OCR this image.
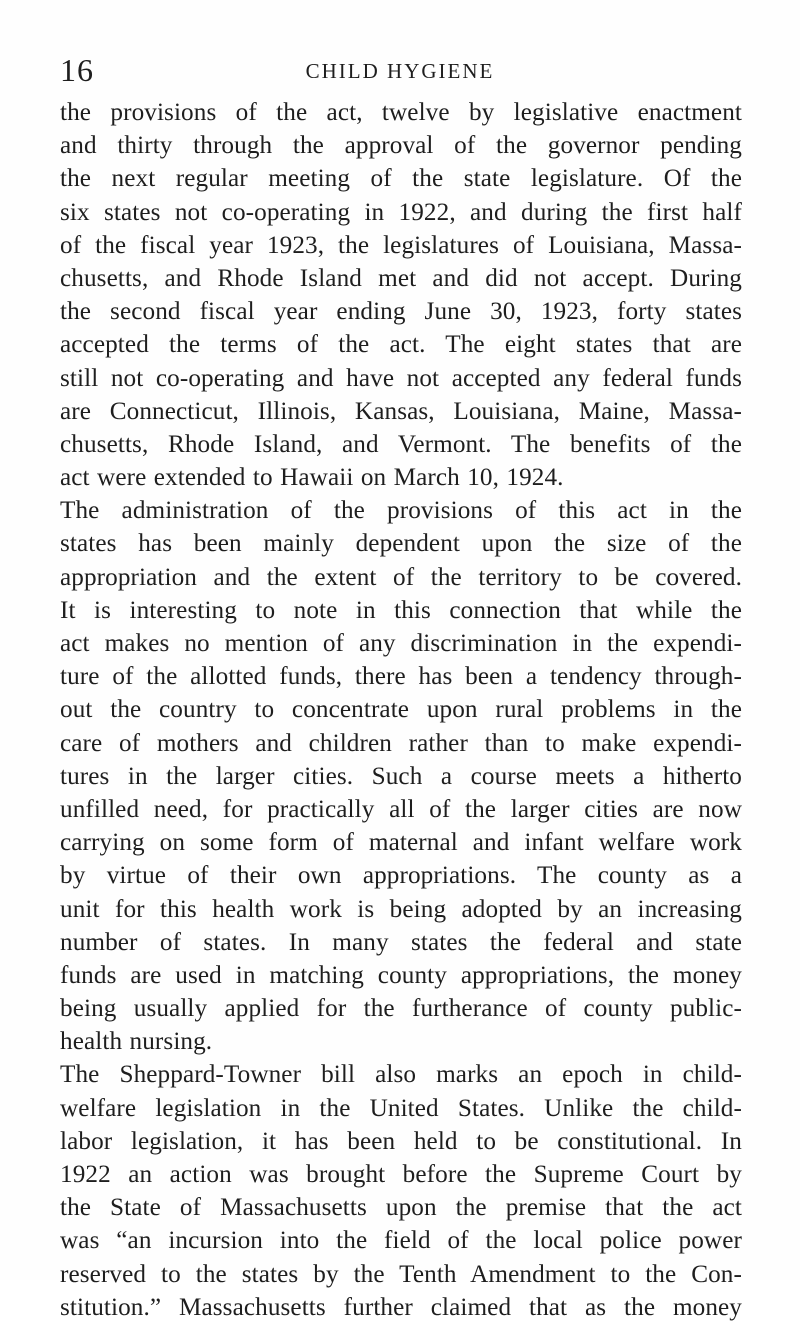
16	CHILD HYGIENE
the provisions of the act, twelve by legislative enactment
and thirty through the approval of the governor pending
the next regular meeting of the state legislature. Of the
six states not co-operating in 1922, and during the first half
of the fiscal year 1923, the legislatures of Louisiana, Massa-
chusetts, and Rhode Island met and did not accept. During
the second fiscal year ending June 30, 1923, forty states
accepted the terms of the act. The eight states that are
still not co-operating and have not accepted any federal funds
are Connecticut, Illinois, Kansas, Louisiana, Maine, Massa-
chusetts, Rhode Island, and Vermont. The benefits of the
act were extended to Hawaii on March 10, 1924.
The administration of the provisions of this act in the
states has been mainly dependent upon the size of the
appropriation and the extent of the territory to be covered.
It is interesting to note in this connection that while the
act makes no mention of any discrimination in the expendi-
ture of the allotted funds, there has been a tendency through-
out the country to concentrate upon rural problems in the
care of mothers and children rather than to make expendi-
tures in the larger cities. Such a course meets a hitherto
unfilled need, for practically all of the larger cities are now
carrying on some form of maternal and infant welfare work
by virtue of their own appropriations. The county as a
unit for this health work is being adopted by an increasing
number of states. In many states the federal and state
funds are used in matching county appropriations, the money
being usually applied for the furtherance of county public-
health nursing.
The Sheppard-Towner bill also marks an epoch in child-
welfare legislation in the United States. Unlike the child-
labor legislation, it has been held to be constitutional. In
1922 an action was brought before the Supreme Court by
the State of Massachusetts upon the premise that the act
was “an incursion into the field of the local police power
reserved to the states by the Tenth Amendment to the Con-
stitution.” Massachusetts further claimed that as the money
